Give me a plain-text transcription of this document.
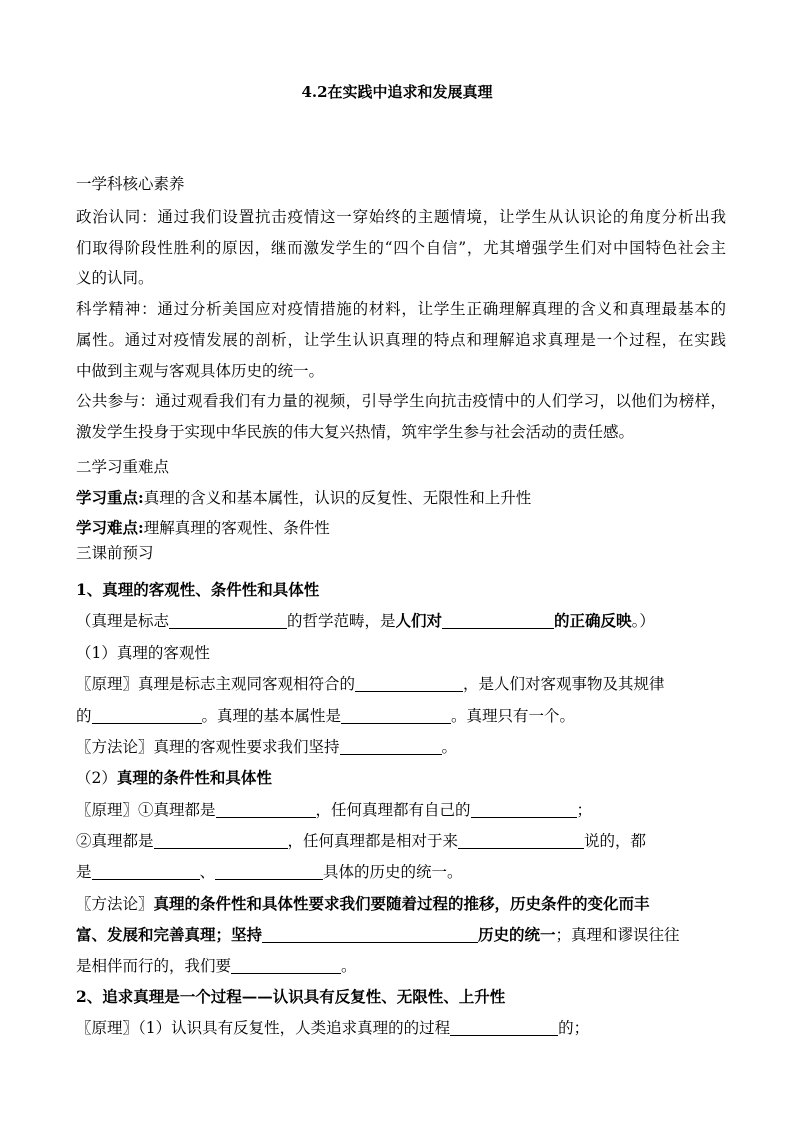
4.2在实践中追求和发展真理
一学科核心素养
政治认同：通过我们设置抗击疫情这一穿始终的主题情境，让学生从认识论的角度分析出我
们取得阶段性胜利的原因，继而激发学生的“四个自信”，尤其增强学生们对中国特色社会主
义的认同。
科学精神：通过分析美国应对疫情措施的材料，让学生正确理解真理的含义和真理最基本的
属性。通过对疫情发展的剖析，让学生认识真理的特点和理解追求真理是一个过程，在实践
中做到主观与客观具体历史的统一。
公共参与：通过观看我们有力量的视频，引导学生向抗击疫情中的人们学习，以他们为榜样，
激发学生投身于实现中华民族的伟大复兴热情，筑牢学生参与社会活动的责任感。
二学习重难点
学习重点:真理的含义和基本属性，认识的反复性、无限性和上升性
学习难点:理解真理的客观性、条件性
三课前预习
1、真理的客观性、条件性和具体性
（真理是标志	的哲学范畴，是人们对	的正确反映。）
（1）真理的客观性
〖原理〗真理是标志主观同客观相符合的	，是人们对客观事物及其规律
的	。真理的基本属性是	。真理只有一个。
〖方法论〗真理的客观性要求我们坚持	。
（2）真理的条件性和具体性
〖原理〗①真理都是	，任何真理都有自己的	；
②真理都是	，任何真理都是相对于来	说的，都
是	、	具体的历史的统一。
〖方法论〗真理的条件性和具体性要求我们要随着过程的推移，历史条件的变化而丰
富、发展和完善真理；坚持	历史的统一；真理和谬误往往
是相伴而行的，我们要	。
2、追求真理是一个过程——认识具有反复性、无限性、上升性
〖原理〗（1）认识具有反复性，人类追求真理的的过程	的；
